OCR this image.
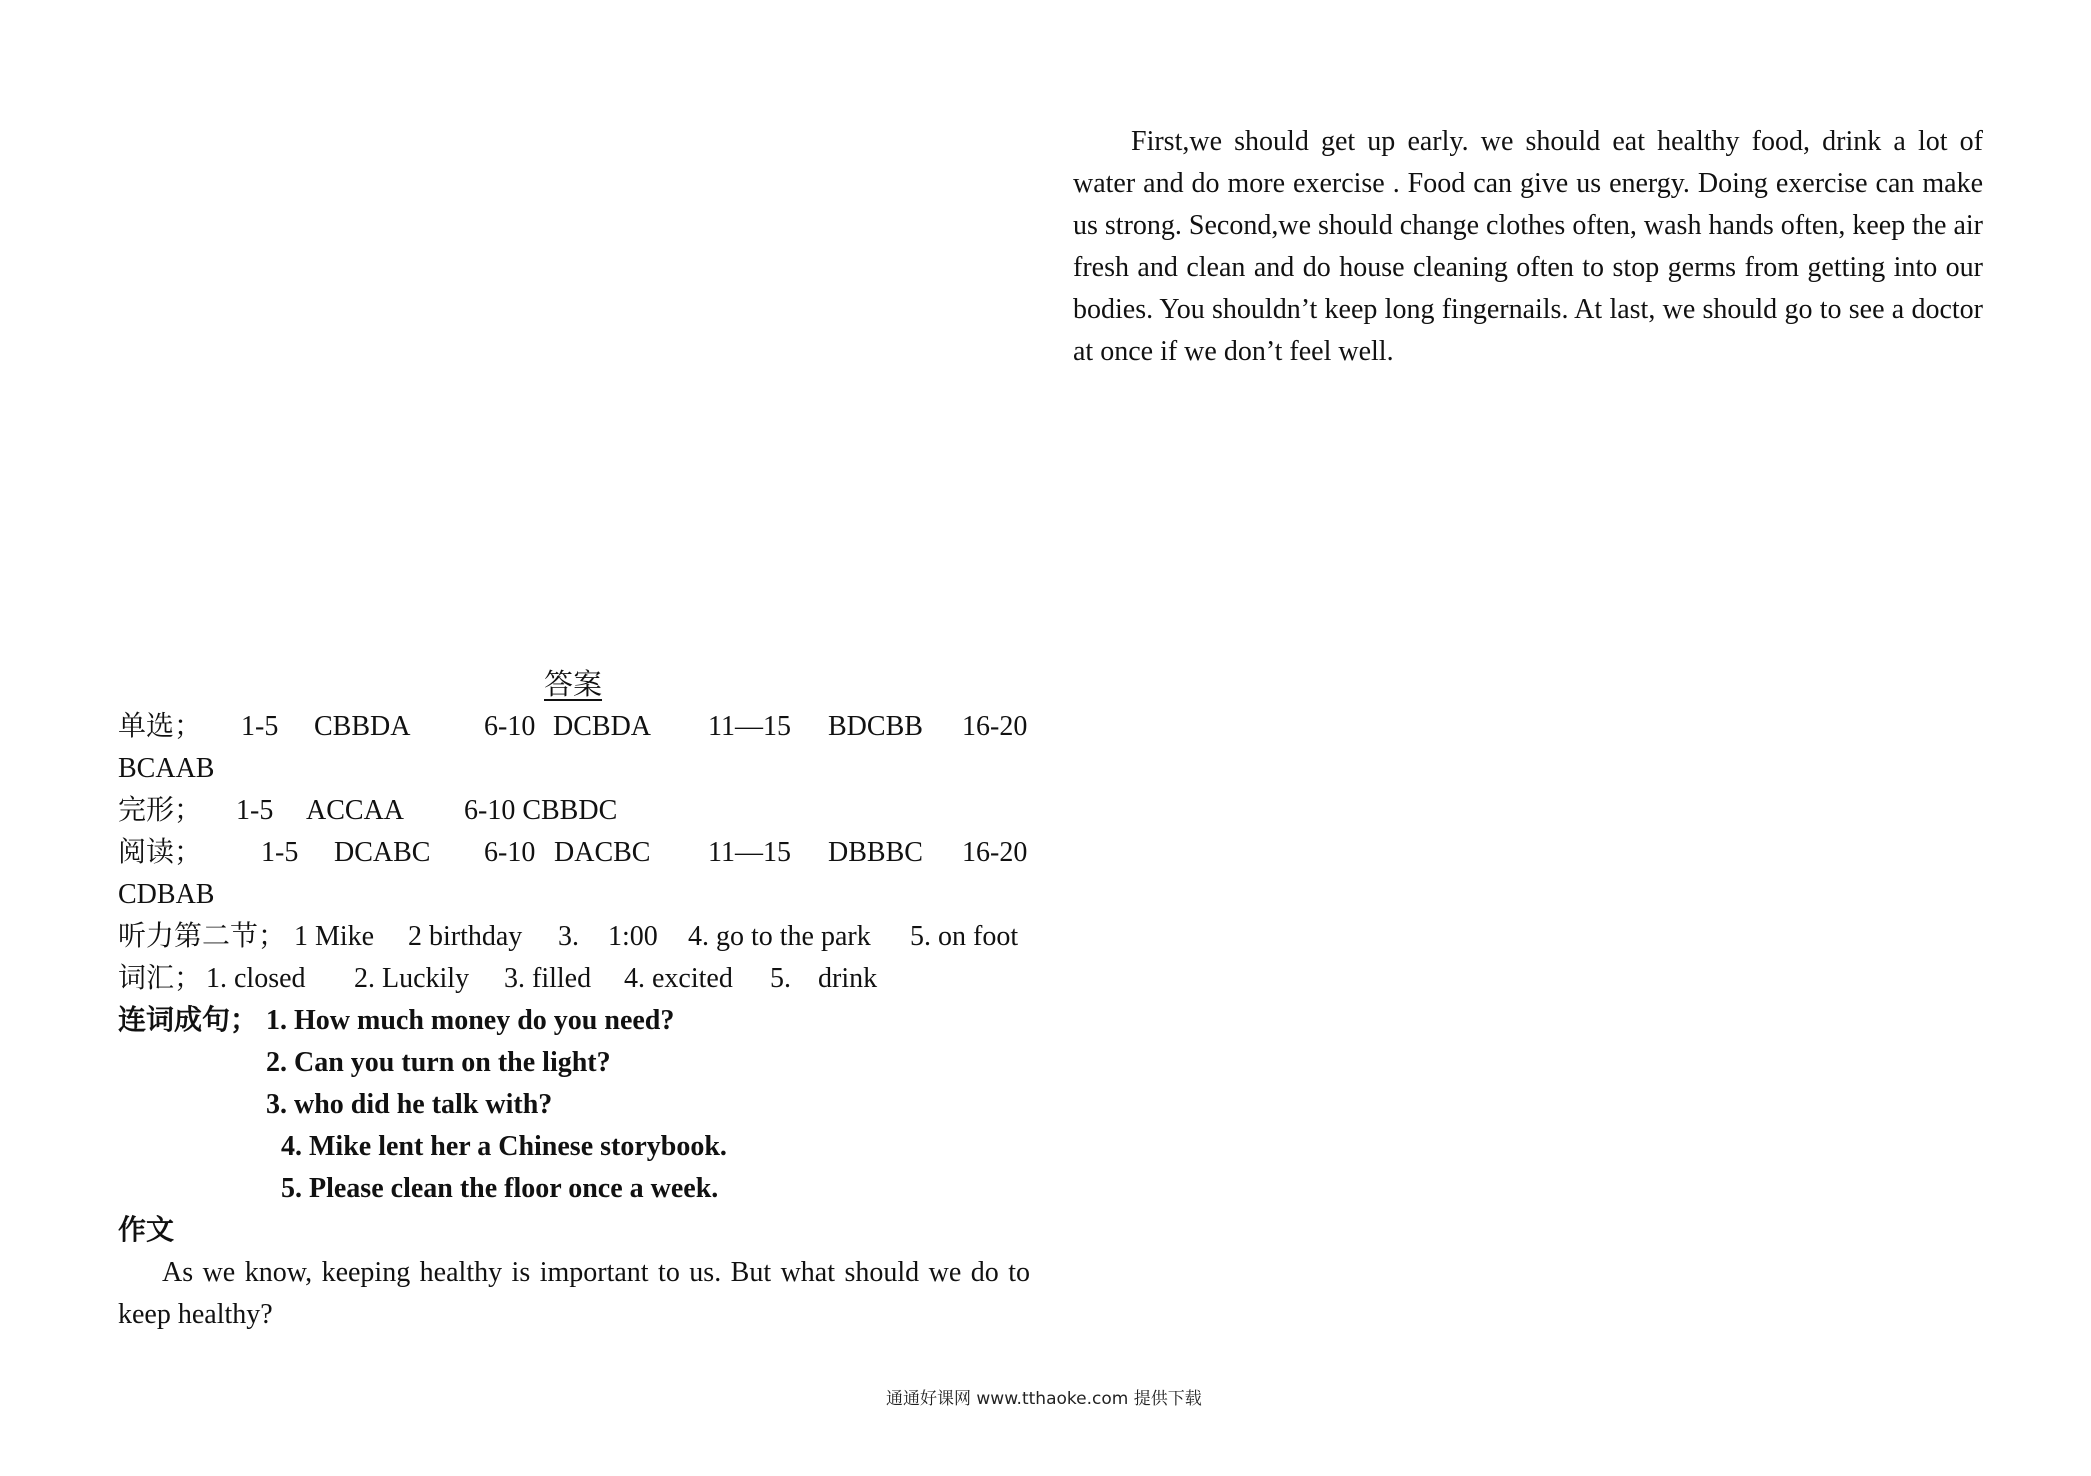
First,we should get up early. we should eat healthy food, drink a lot of water and do more exercise . Food can give us energy. Doing exercise can make us strong. Second,we should change clothes often, wash hands often, keep the air fresh and clean and do house cleaning often to stop germs from getting into our bodies. You shouldn’t keep long fingernails. At last, we should go to see a doctor at once if we don’t feel well.

答案
单选； 1-5 CBBDA	6-10 DCBDA 11—15 BDCBB 16-20
BCAAB
完形； 1-5 ACCAA 6-10 CBBDC
阅读； 1-5 DCABC 6-10 DACBC 11—15 DBBBC 16-20
CDBAB
听力第二节； 1 Mike 2 birthday 3. 1:00 4. go to the park 5. on foot
词汇； 1. closed 2. Luckily 3. filled 4. excited 5. drink
连词成句； 1. How much money do you need?
2. Can you turn on the light?
3. who did he talk with?
4. Mike lent her a Chinese storybook.
5. Please clean the floor once a week.
作文

As we know, keeping healthy is important to us. But what should we do to keep healthy?

通通好课网 www.tthaoke.com 提供下载
